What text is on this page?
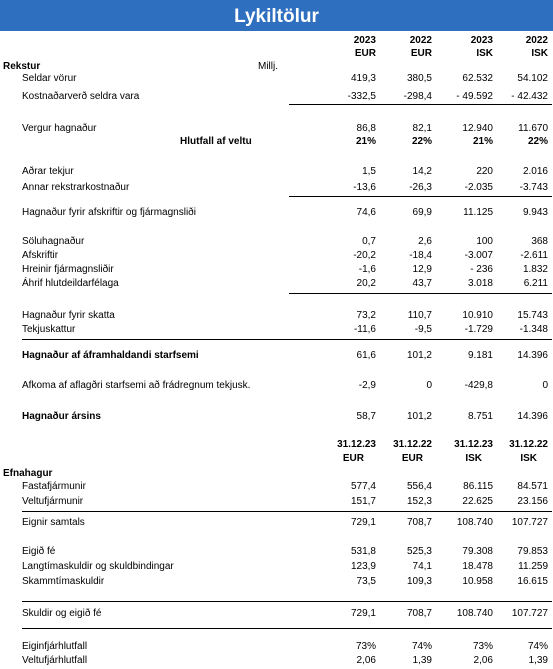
Lykiltölur
2023	2022	2023	2022
EUR	EUR	ISK	ISK
Rekstur	Millj.
Seldar vörur	419,3	380,5	62.532	54.102
Kostnaðarverð seldra vara	-332,5	-298,4	- 49.592	- 42.432
Vergur hagnaður	86,8	82,1	12.940	11.670
Hlutfall af veltu	21%	22%	21%	22%
Aðrar tekjur	1,5	14,2	220	2.016
Annar rekstrarkostnaður	-13,6	-26,3	-2.035	-3.743
Hagnaður fyrir afskriftir og fjármagnsliði	74,6	69,9	11.125	9.943
Söluhagnaður	0,7	2,6	100	368
Afskriftir	-20,2	-18,4	-3.007	-2.611
Hreinir fjármagnsliðir	-1,6	12,9	- 236	1.832
Áhrif hlutdeildarfélaga	20,2	43,7	3.018	6.211
Hagnaður fyrir skatta	73,2	110,7	10.910	15.743
Tekjuskattur	-11,6	-9,5	-1.729	-1.348
Hagnaður af áframhaldandi starfsemi	61,6	101,2	9.181	14.396
Afkoma af aflagðri starfsemi að frádregnum tekjusk.	-2,9	0	-429,8	0
Hagnaður ársins	58,7	101,2	8.751	14.396
31.12.23	31.12.22	31.12.23	31.12.22
EUR	EUR	ISK	ISK
Efnahagur
Fastafjármunir	577,4	556,4	86.115	84.571
Veltufjármunir	151,7	152,3	22.625	23.156
Eignir samtals	729,1	708,7	108.740	107.727
Eigið fé	531,8	525,3	79.308	79.853
Langtímaskuldir og skuldbindingar	123,9	74,1	18.478	11.259
Skammtímaskuldir	73,5	109,3	10.958	16.615
Skuldir og eigið fé	729,1	708,7	108.740	107.727
Eiginfjárhlutfall	73%	74%	73%	74%
Veltufjárhlutfall	2,06	1,39	2,06	1,39
